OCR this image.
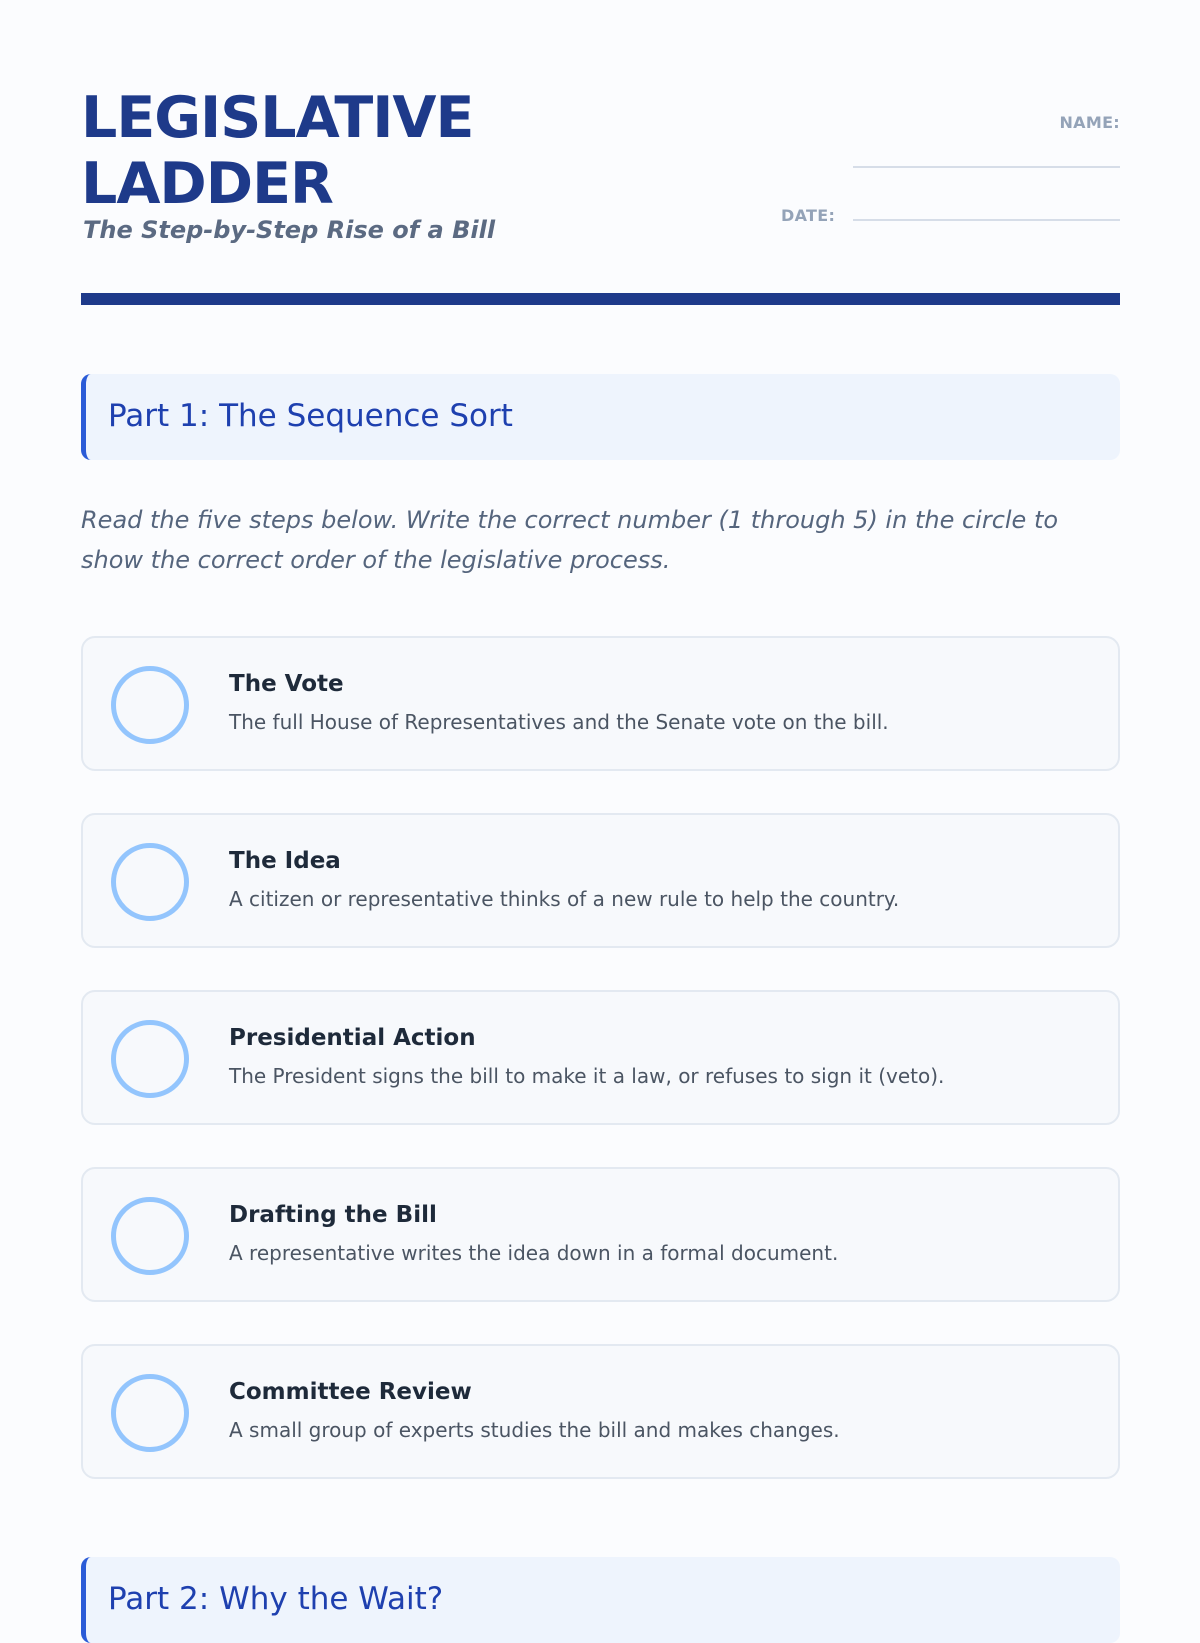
LEGISLATIVE
LADDER

The Step-by-Step Rise of a Bill

NAME:
DATE:
Part 1: The Sequence Sort

Read the five steps below. Write the correct number (1 through 5) in the circle to show the correct order of the legislative process.

The Vote
The full House of Representatives and the Senate vote on the bill.
The Idea
A citizen or representative thinks of a new rule to help the country.
Presidential Action
The President signs the bill to make it a law, or refuses to sign it (veto).
Drafting the Bill
A representative writes the idea down in a formal document.
Committee Review
A small group of experts studies the bill and makes changes.
Part 2: Why the Wait?
